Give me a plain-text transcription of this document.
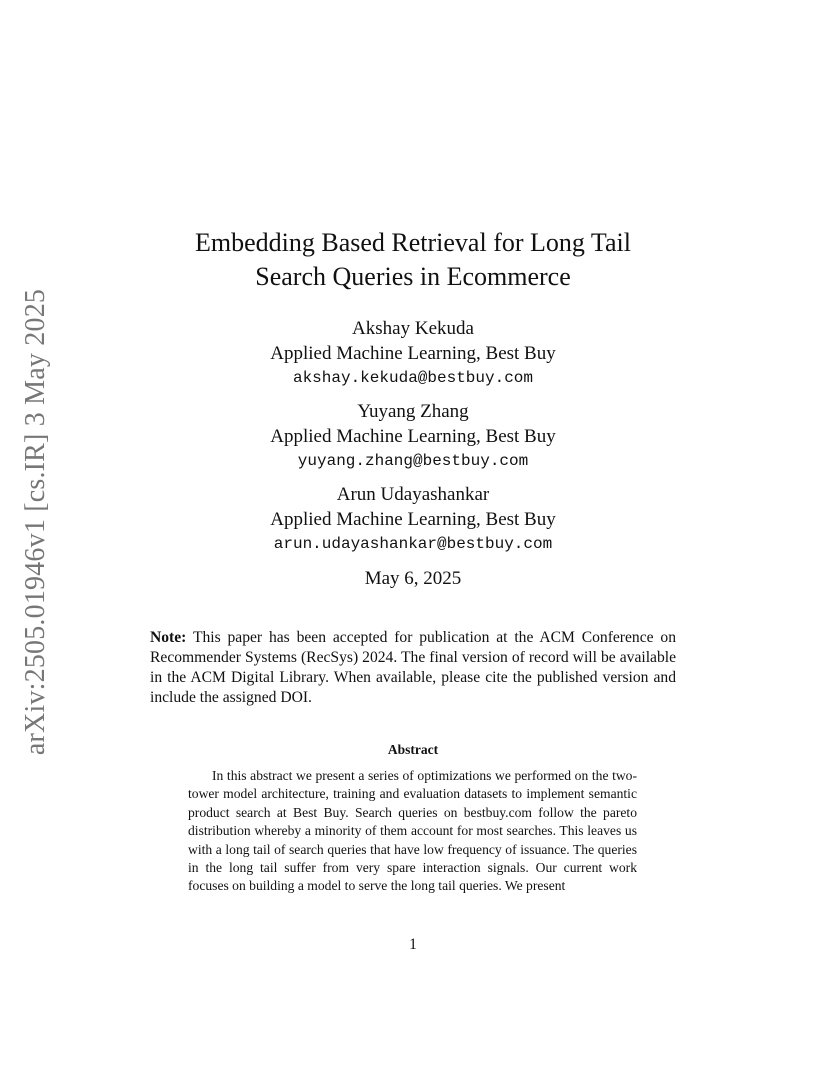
arXiv:2505.01946v1 [cs.IR] 3 May 2025
Embedding Based Retrieval for Long Tail
Search Queries in Ecommerce
Akshay Kekuda
Applied Machine Learning, Best Buy
akshay.kekuda@bestbuy.com
Yuyang Zhang
Applied Machine Learning, Best Buy
yuyang.zhang@bestbuy.com
Arun Udayashankar
Applied Machine Learning, Best Buy
arun.udayashankar@bestbuy.com
May 6, 2025
Note: This paper has been accepted for publication at the ACM Conference on Recommender Systems (RecSys) 2024. The final version of record will be available in the ACM Digital Library. When available, please cite the published version and include the assigned DOI.
Abstract
In this abstract we present a series of optimizations we performed on the two-tower model architecture, training and evaluation datasets to implement semantic product search at Best Buy. Search queries on bestbuy.com follow the pareto distribution whereby a minority of them account for most searches. This leaves us with a long tail of search queries that have low frequency of issuance. The queries in the long tail suffer from very spare interaction signals. Our current work focuses on building a model to serve the long tail queries. We present
1
